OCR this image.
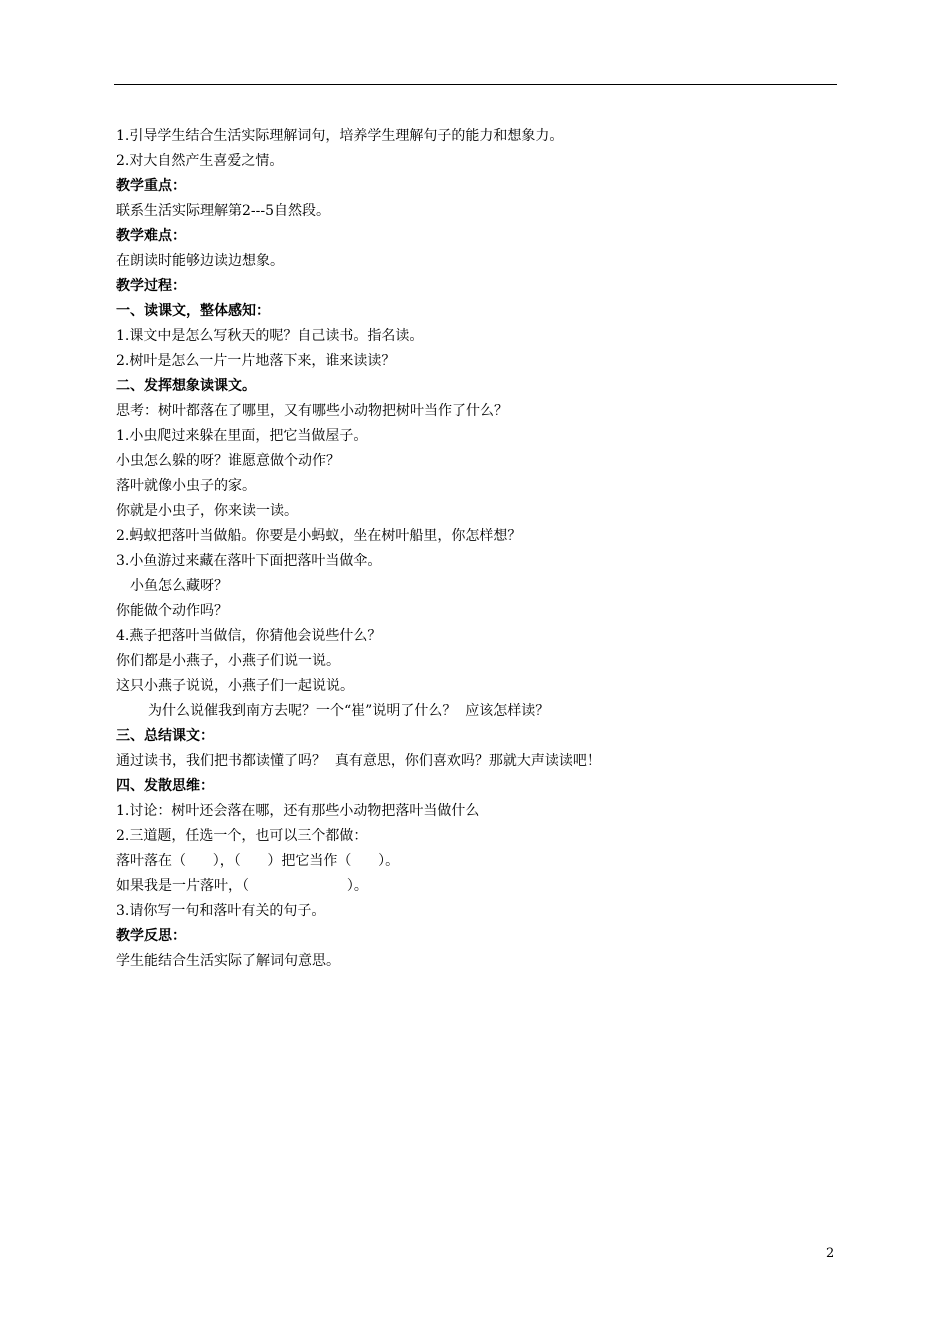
1.引导学生结合生活实际理解词句，培养学生理解句子的能力和想象力。
2.对大自然产生喜爱之情。
教学重点：
联系生活实际理解第2---5自然段。
教学难点：
在朗读时能够边读边想象。
教学过程：
一、读课文，整体感知：
1.课文中是怎么写秋天的呢？自己读书。指名读。
2.树叶是怎么一片一片地落下来，谁来读读？
二、发挥想象读课文。
思考：树叶都落在了哪里，又有哪些小动物把树叶当作了什么？
1.小虫爬过来躲在里面，把它当做屋子。
小虫怎么躲的呀？谁愿意做个动作？
落叶就像小虫子的家。
你就是小虫子，你来读一读。
2.蚂蚁把落叶当做船。你要是小蚂蚁，坐在树叶船里，你怎样想？
3.小鱼游过来藏在落叶下面把落叶当做伞。
小鱼怎么藏呀？
你能做个动作吗？
4.燕子把落叶当做信，你猜他会说些什么？
你们都是小燕子，小燕子们说一说。
这只小燕子说说，小燕子们一起说说。
为什么说催我到南方去呢？一个“崔”说明了什么？  应该怎样读？
三、总结课文：
通过读书，我们把书都读懂了吗？  真有意思，你们喜欢吗？那就大声读读吧！
四、发散思维：
1.讨论：树叶还会落在哪，还有那些小动物把落叶当做什么
2.三道题，任选一个，也可以三个都做：
落叶落在（      ），（      ）把它当作（      ）。
如果我是一片落叶，（                      ）。
3.请你写一句和落叶有关的句子。
教学反思：
学生能结合生活实际了解词句意思。
2
